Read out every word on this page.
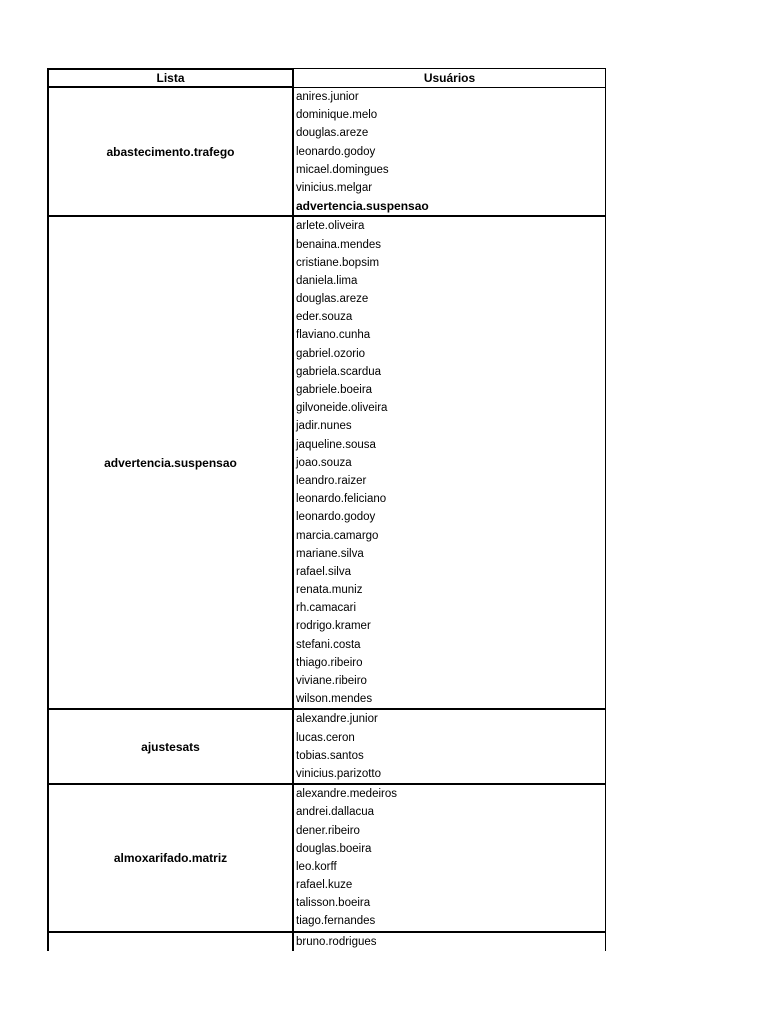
Lista	Usuários
abastecimento.trafego
anires.junior
dominique.melo
douglas.areze
leonardo.godoy
micael.domingues
vinicius.melgar
advertencia.suspensao
advertencia.suspensao
arlete.oliveira
benaina.mendes
cristiane.bopsim
daniela.lima
douglas.areze
eder.souza
flaviano.cunha
gabriel.ozorio
gabriela.scardua
gabriele.boeira
gilvoneide.oliveira
jadir.nunes
jaqueline.sousa
joao.souza
leandro.raizer
leonardo.feliciano
leonardo.godoy
marcia.camargo
mariane.silva
rafael.silva
renata.muniz
rh.camacari
rodrigo.kramer
stefani.costa
thiago.ribeiro
viviane.ribeiro
wilson.mendes
ajustesats
alexandre.junior
lucas.ceron
tobias.santos
vinicius.parizotto
almoxarifado.matriz
alexandre.medeiros
andrei.dallacua
dener.ribeiro
douglas.boeira
leo.korff
rafael.kuze
talisson.boeira
tiago.fernandes
bruno.rodrigues
